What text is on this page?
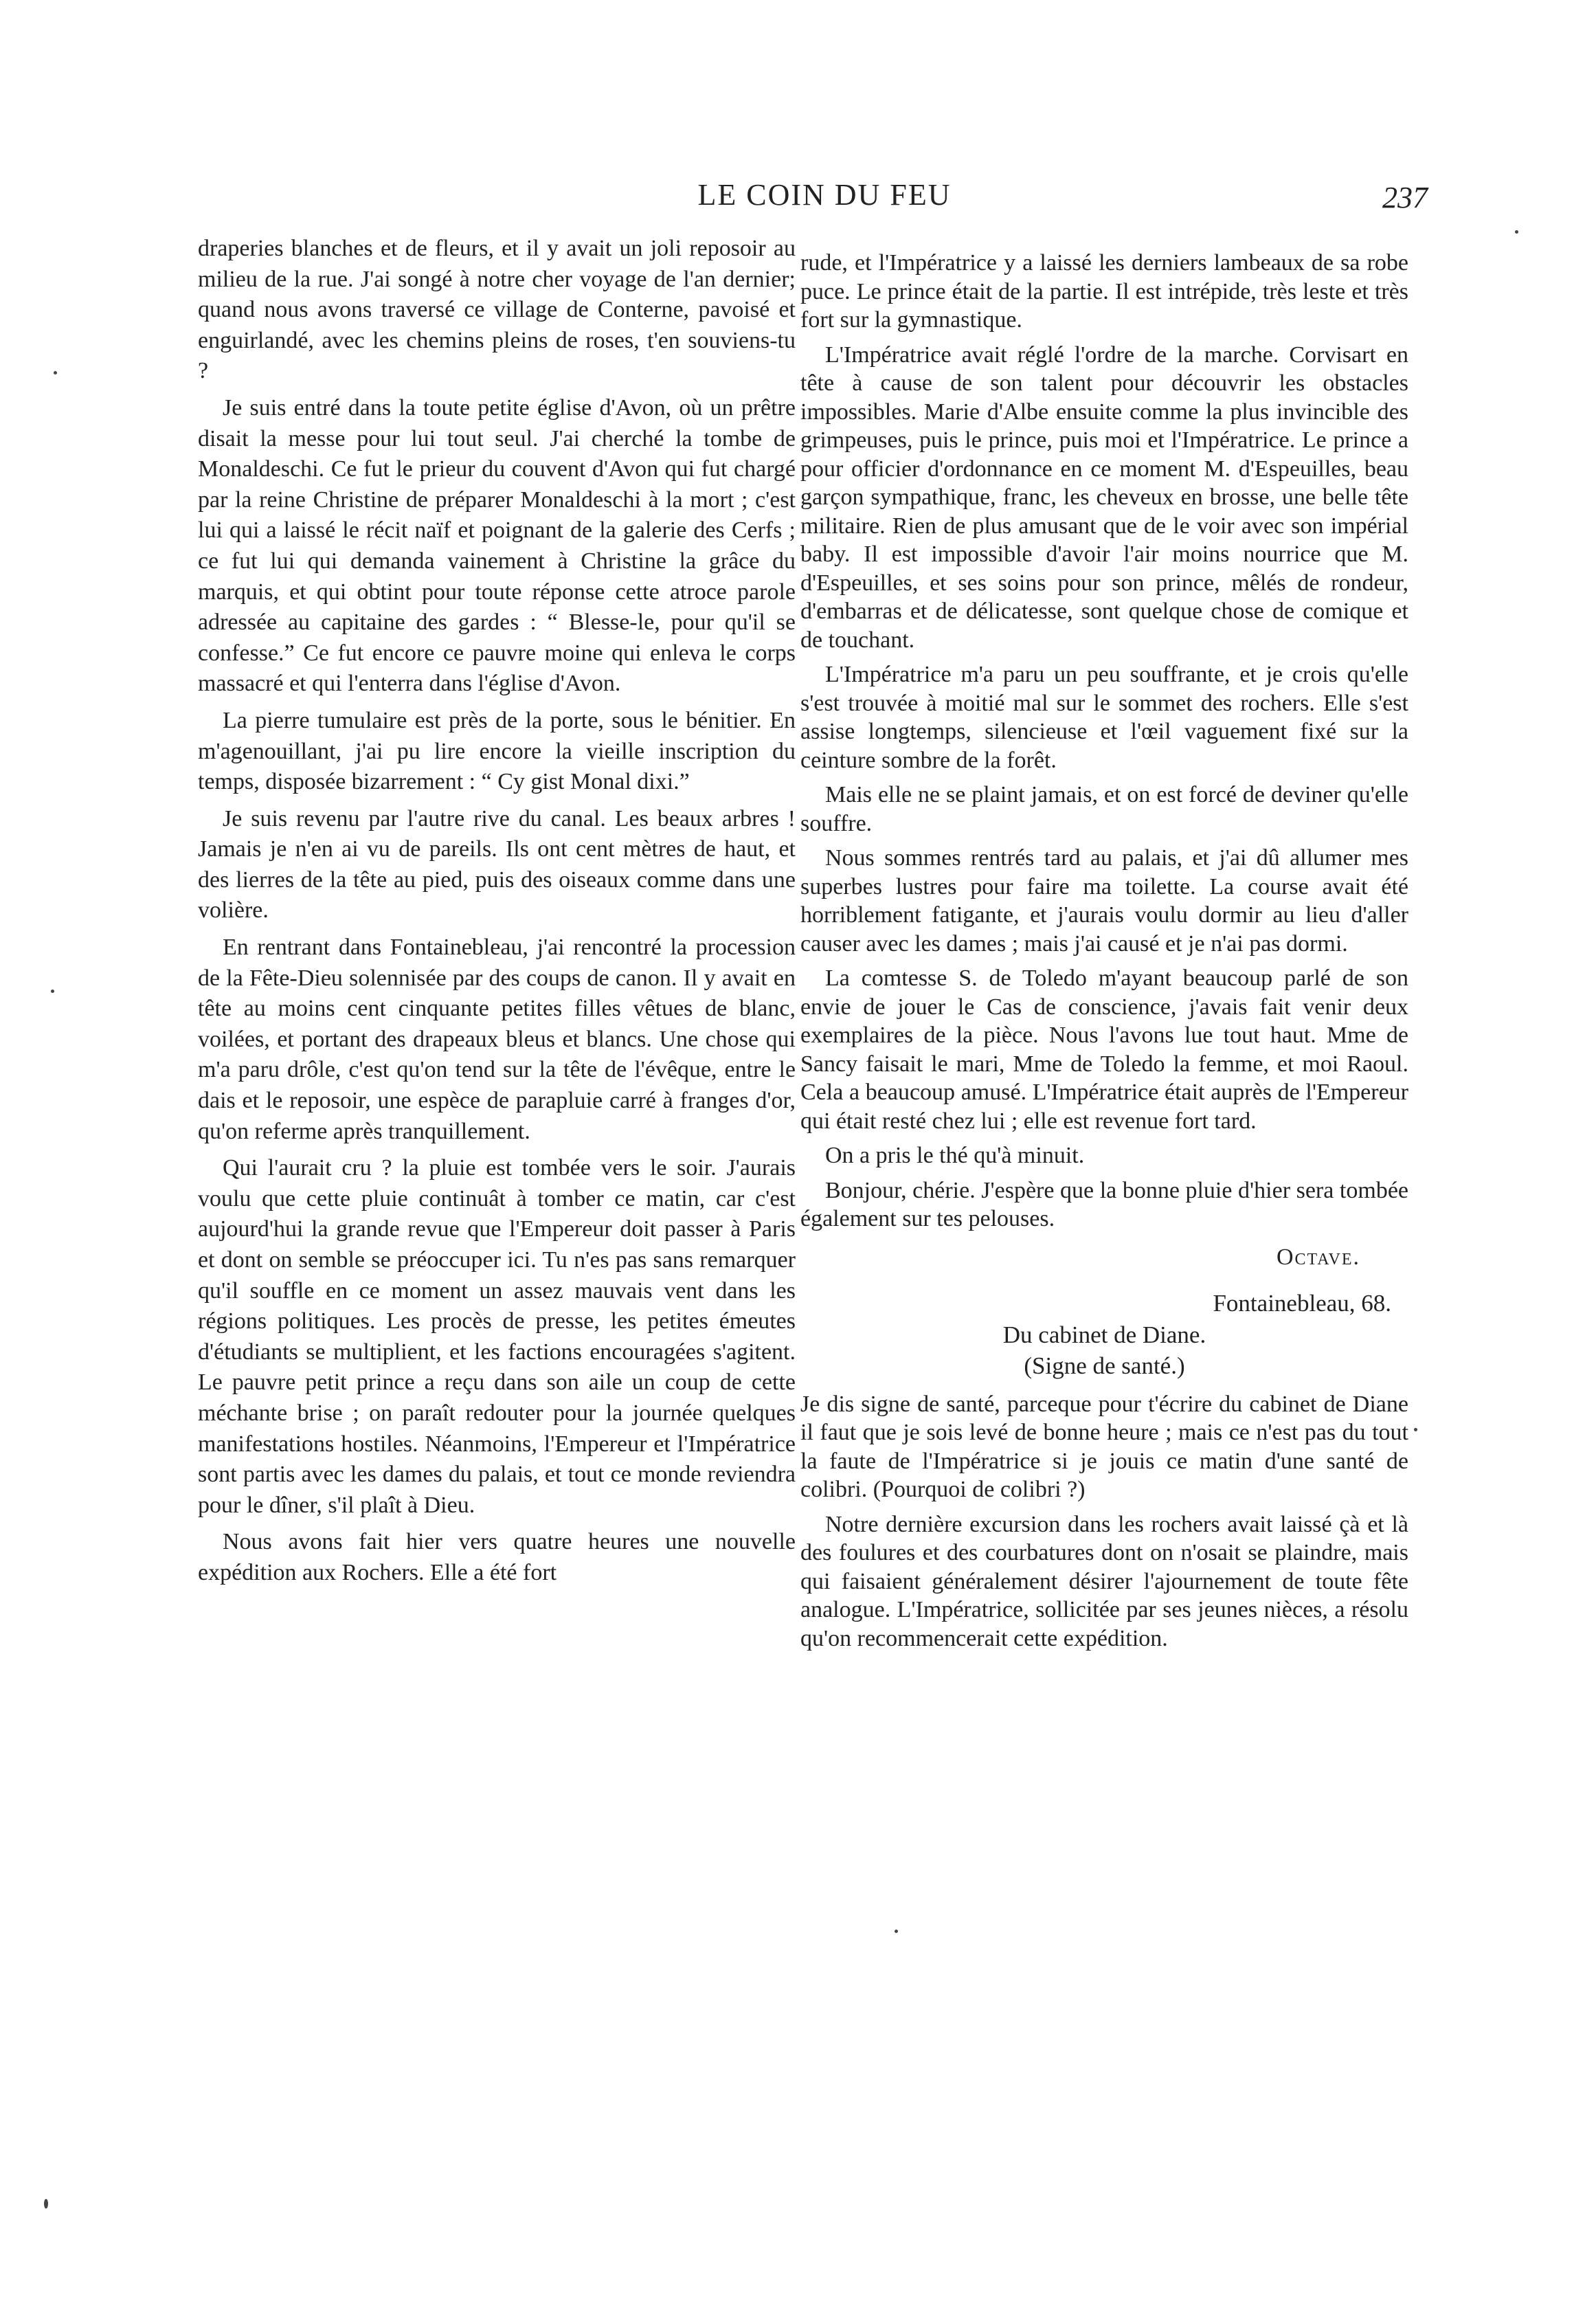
LE COIN DU FEU	237

draperies blanches et de fleurs, et il y avait un joli reposoir au milieu de la rue. J'ai songé à notre cher voyage de l'an dernier; quand nous avons traversé ce village de Conterne, pavoisé et enguirlandé, avec les chemins pleins de roses, t'en souviens-tu ?

Je suis entré dans la toute petite église d'Avon, où un prêtre disait la messe pour lui tout seul. J'ai cherché la tombe de Monaldeschi. Ce fut le prieur du couvent d'Avon qui fut chargé par la reine Christine de préparer Monaldeschi à la mort ; c'est lui qui a laissé le récit naïf et poignant de la galerie des Cerfs ; ce fut lui qui demanda vainement à Christine la grâce du marquis, et qui obtint pour toute réponse cette atroce parole adressée au capitaine des gardes : “ Blesse-le, pour qu'il se confesse.” Ce fut encore ce pauvre moine qui enleva le corps massacré et qui l'enterra dans l'église d'Avon.

La pierre tumulaire est près de la porte, sous le bénitier. En m'agenouillant, j'ai pu lire encore la vieille inscription du temps, disposée bizarrement : “ Cy gist Monal dixi.”

Je suis revenu par l'autre rive du canal. Les beaux arbres ! Jamais je n'en ai vu de pareils. Ils ont cent mètres de haut, et des lierres de la tête au pied, puis des oiseaux comme dans une volière.

En rentrant dans Fontainebleau, j'ai rencontré la procession de la Fête-Dieu solennisée par des coups de canon. Il y avait en tête au moins cent cinquante petites filles vêtues de blanc, voilées, et portant des drapeaux bleus et blancs. Une chose qui m'a paru drôle, c'est qu'on tend sur la tête de l'évêque, entre le dais et le reposoir, une espèce de parapluie carré à franges d'or, qu'on referme après tranquillement.

Qui l'aurait cru ? la pluie est tombée vers le soir. J'aurais voulu que cette pluie continuât à tomber ce matin, car c'est aujourd'hui la grande revue que l'Empereur doit passer à Paris et dont on semble se préoccuper ici. Tu n'es pas sans remarquer qu'il souffle en ce moment un assez mauvais vent dans les régions politiques. Les procès de presse, les petites émeutes d'étudiants se multiplient, et les factions encouragées s'agitent. Le pauvre petit prince a reçu dans son aile un coup de cette méchante brise ; on paraît redouter pour la journée quelques manifestations hostiles. Néanmoins, l'Empereur et l'Impératrice sont partis avec les dames du palais, et tout ce monde reviendra pour le dîner, s'il plaît à Dieu.

Nous avons fait hier vers quatre heures une nouvelle expédition aux Rochers. Elle a été fort

rude, et l'Impératrice y a laissé les derniers lambeaux de sa robe puce. Le prince était de la partie. Il est intrépide, très leste et très fort sur la gymnastique.

L'Impératrice avait réglé l'ordre de la marche. Corvisart en tête à cause de son talent pour découvrir les obstacles impossibles. Marie d'Albe ensuite comme la plus invincible des grimpeuses, puis le prince, puis moi et l'Impératrice. Le prince a pour officier d'ordonnance en ce moment M. d'Espeuilles, beau garçon sympathique, franc, les cheveux en brosse, une belle tête militaire. Rien de plus amusant que de le voir avec son impérial baby. Il est impossible d'avoir l'air moins nourrice que M. d'Espeuilles, et ses soins pour son prince, mêlés de rondeur, d'embarras et de délicatesse, sont quelque chose de comique et de touchant.

L'Impératrice m'a paru un peu souffrante, et je crois qu'elle s'est trouvée à moitié mal sur le sommet des rochers. Elle s'est assise longtemps, silencieuse et l'œil vaguement fixé sur la ceinture sombre de la forêt.

Mais elle ne se plaint jamais, et on est forcé de deviner qu'elle souffre.

Nous sommes rentrés tard au palais, et j'ai dû allumer mes superbes lustres pour faire ma toilette. La course avait été horriblement fatigante, et j'aurais voulu dormir au lieu d'aller causer avec les dames ; mais j'ai causé et je n'ai pas dormi.

La comtesse S. de Toledo m'ayant beaucoup parlé de son envie de jouer le Cas de conscience, j'avais fait venir deux exemplaires de la pièce. Nous l'avons lue tout haut. Mme de Sancy faisait le mari, Mme de Toledo la femme, et moi Raoul. Cela a beaucoup amusé. L'Impératrice était auprès de l'Empereur qui était resté chez lui ; elle est revenue fort tard.

On a pris le thé qu'à minuit.

Bonjour, chérie. J'espère que la bonne pluie d'hier sera tombée également sur tes pelouses.

Octave.

Fontainebleau, 68.

Du cabinet de Diane.

(Signe de santé.)

Je dis signe de santé, parceque pour t'écrire du cabinet de Diane il faut que je sois levé de bonne heure ; mais ce n'est pas du tout la faute de l'Impératrice si je jouis ce matin d'une santé de colibri. (Pourquoi de colibri ?)

Notre dernière excursion dans les rochers avait laissé çà et là des foulures et des courbatures dont on n'osait se plaindre, mais qui faisaient généralement désirer l'ajournement de toute fête analogue. L'Impératrice, sollicitée par ses jeunes nièces, a résolu qu'on recommencerait cette expédition.
